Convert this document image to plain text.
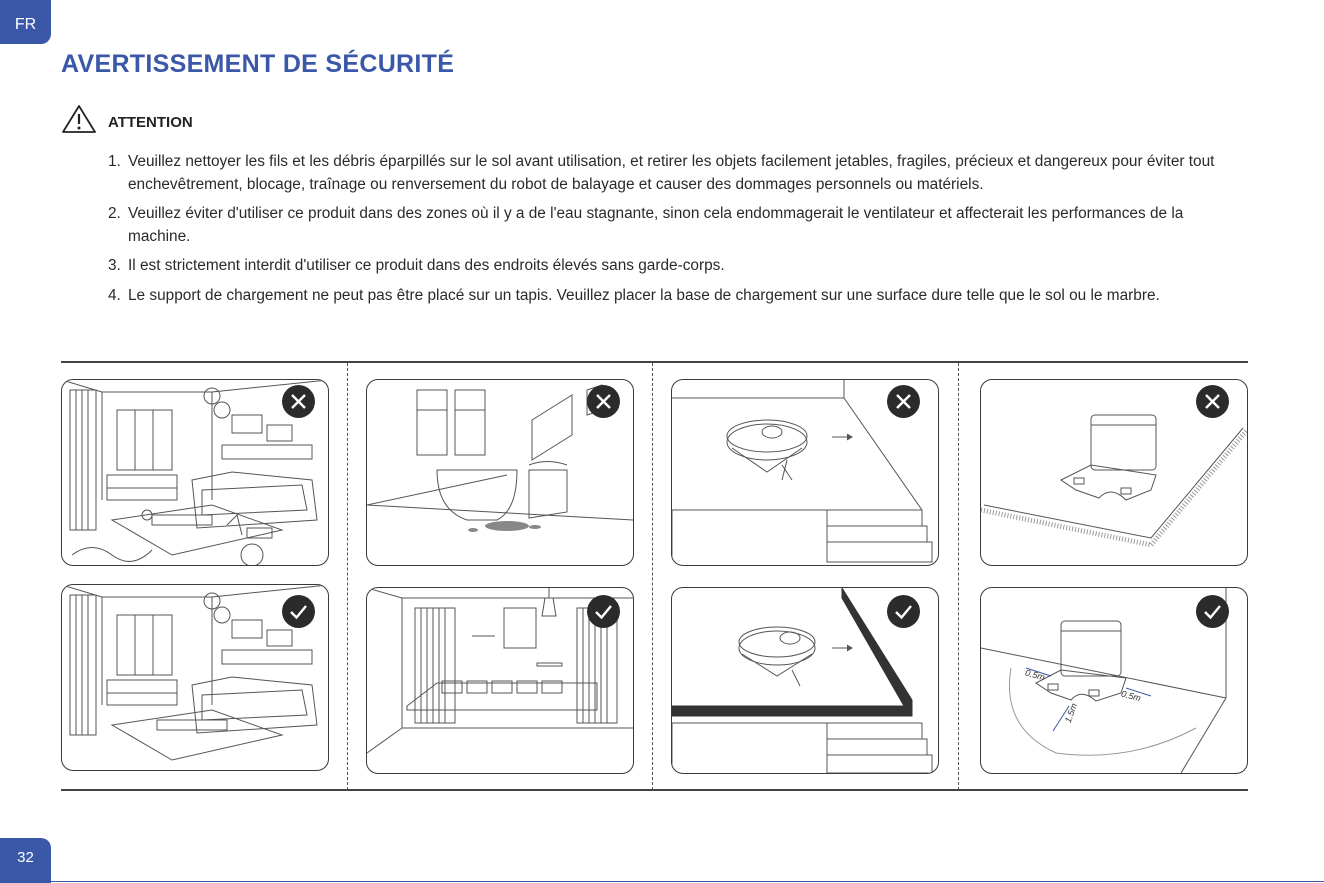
FR
AVERTISSEMENT DE SÉCURITÉ
ATTENTION
1. Veuillez nettoyer les fils et les débris éparpillés sur le sol avant utilisation, et retirer les objets facilement jetables, fragiles, précieux et dangereux pour éviter tout enchevêtrement, blocage, traînage ou renversement du robot de balayage et causer des dommages personnels ou matériels.
2. Veuillez éviter d'utiliser ce produit dans des zones où il y a de l'eau stagnante, sinon cela endommagerait le ventilateur et affecterait les performances de la machine.
3. Il est strictement interdit d'utiliser ce produit dans des endroits élevés sans garde-corps.
4. Le support de chargement ne peut pas être placé sur un tapis. Veuillez placer la base de chargement sur une surface dure telle que le sol ou le marbre.
0.5m
0.5m
1.5m
32
